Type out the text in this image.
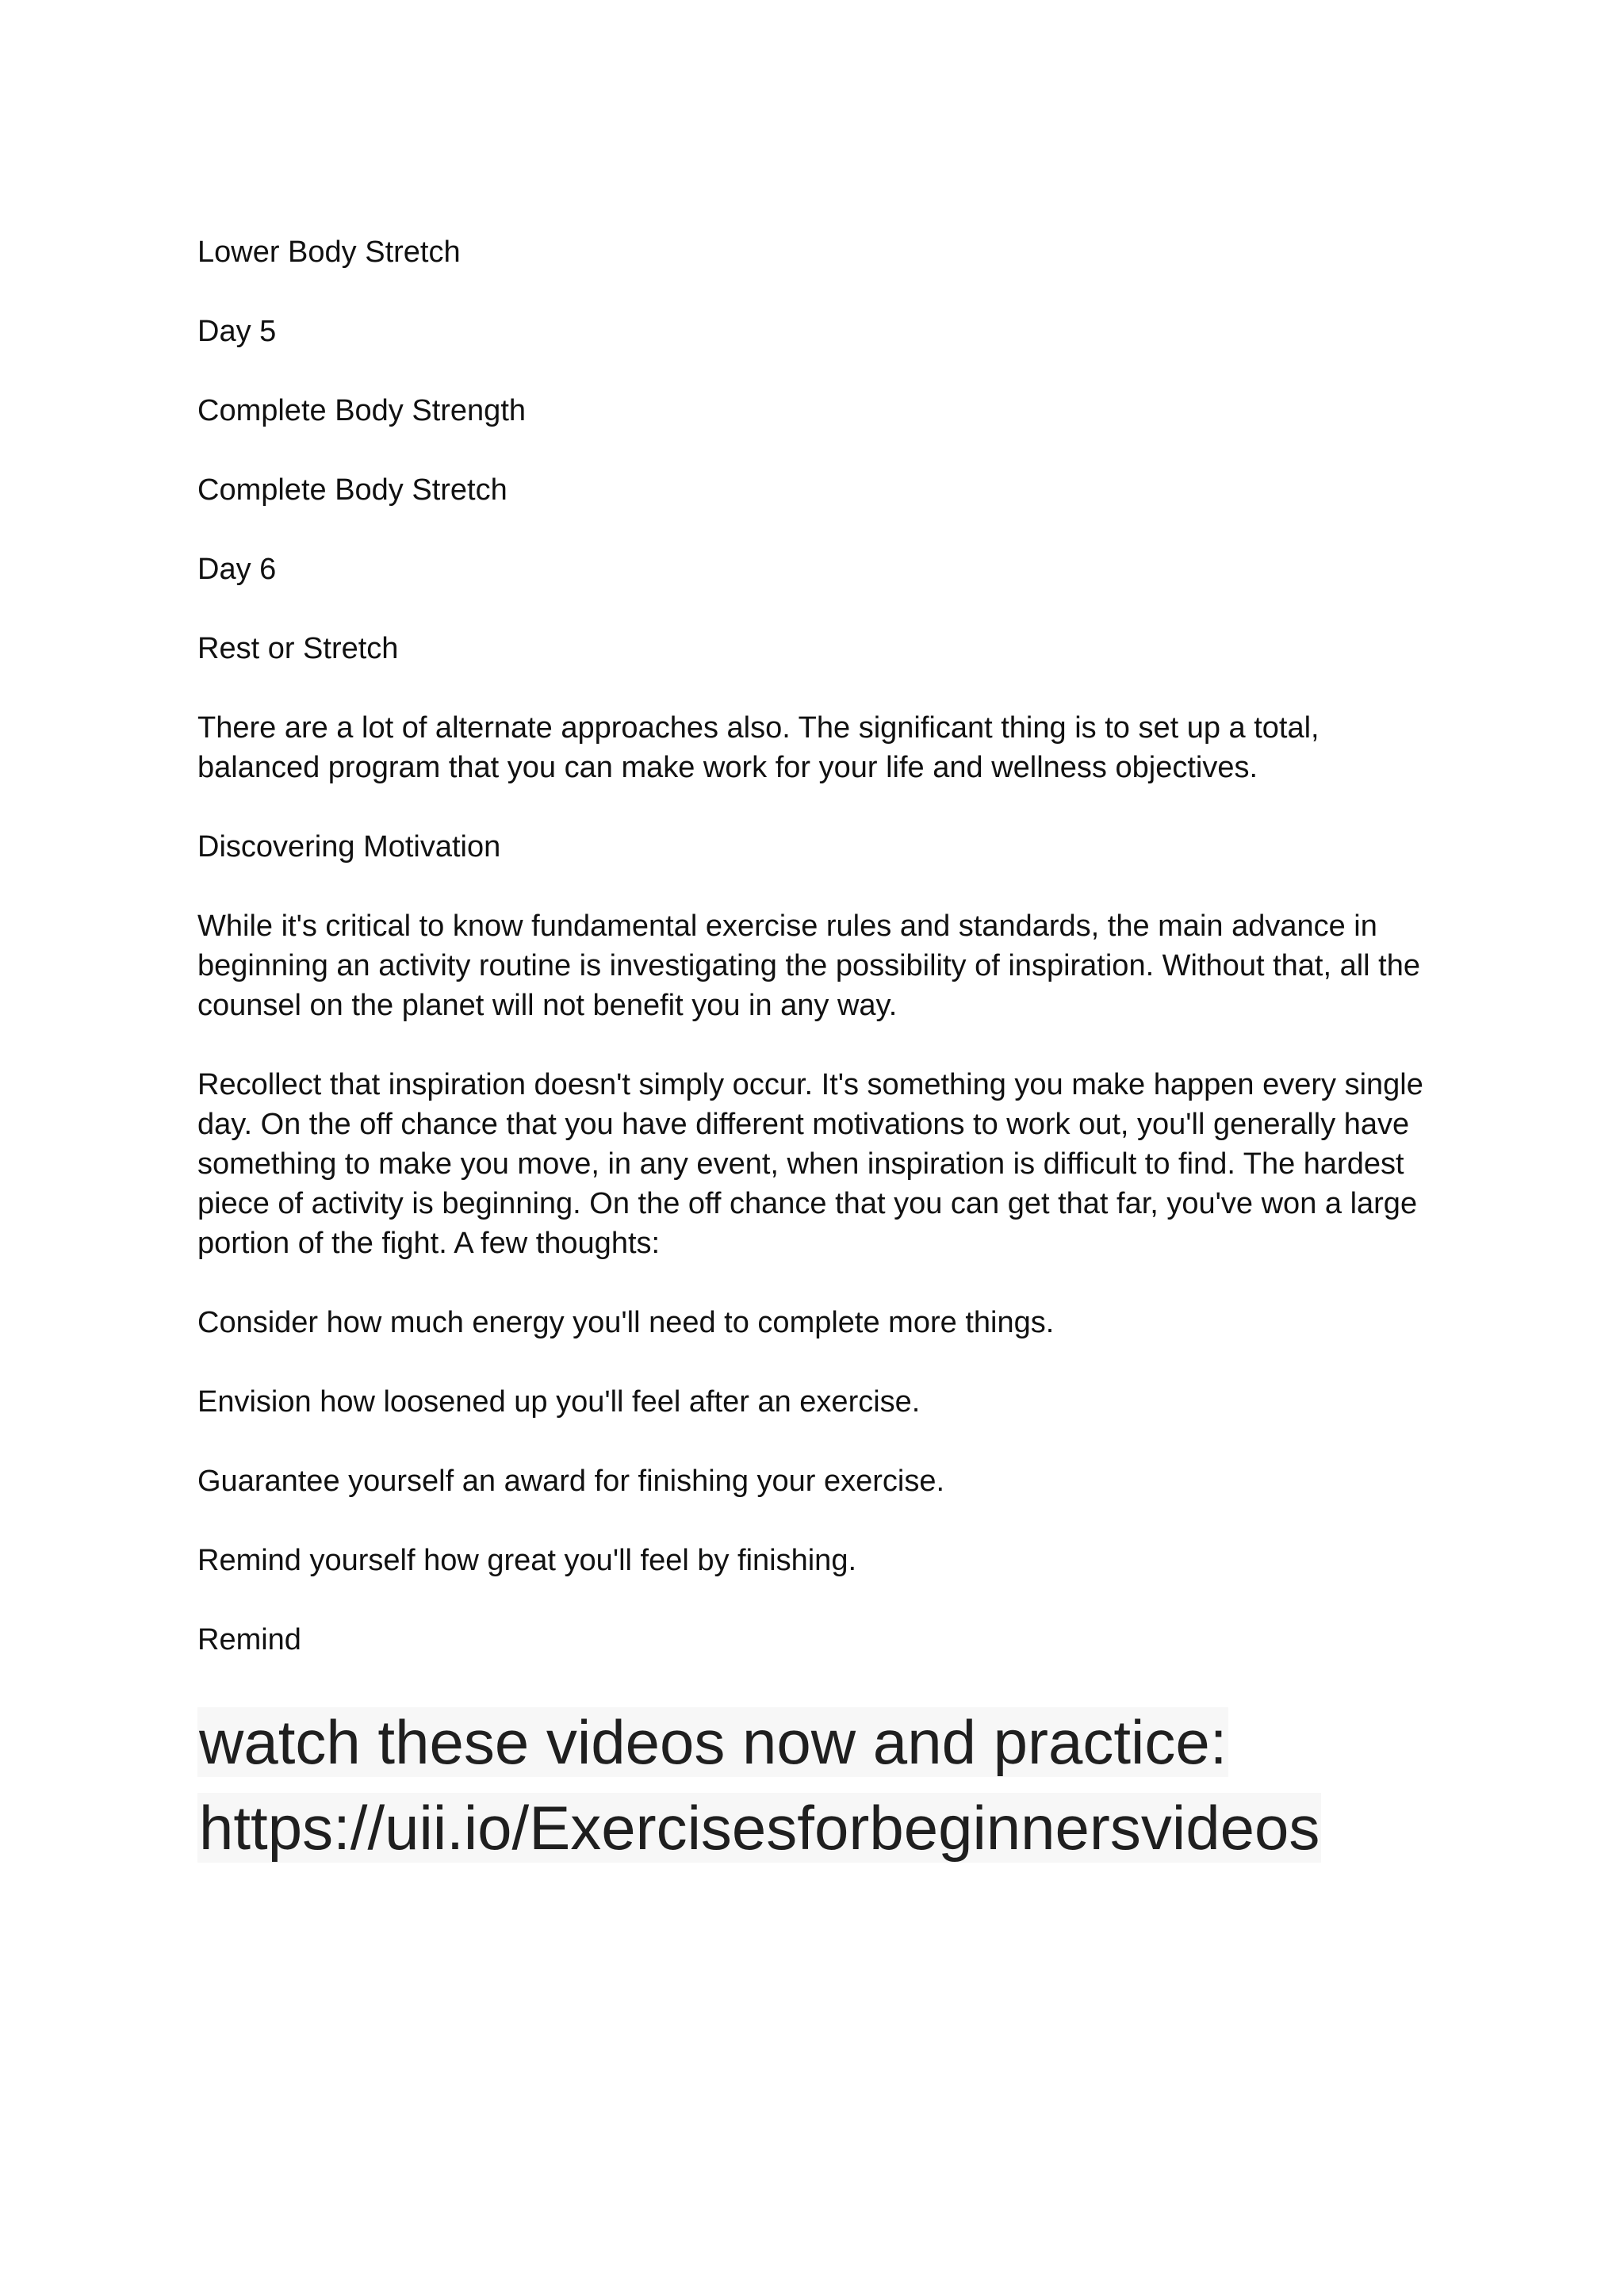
Lower Body Stretch

Day 5

Complete Body Strength

Complete Body Stretch

Day 6

Rest or Stretch

There are a lot of alternate approaches also. The significant thing is to set up a total, balanced program that you can make work for your life and wellness objectives.

Discovering Motivation

While it's critical to know fundamental exercise rules and standards, the main advance in beginning an activity routine is investigating the possibility of inspiration. Without that, all the counsel on the planet will not benefit you in any way.

Recollect that inspiration doesn't simply occur. It's something you make happen every single day. On the off chance that you have different motivations to work out, you'll generally have something to make you move, in any event, when inspiration is difficult to find. The hardest piece of activity is beginning. On the off chance that you can get that far, you've won a large portion of the fight. A few thoughts:

Consider how much energy you'll need to complete more things.

Envision how loosened up you'll feel after an exercise.

Guarantee yourself an award for finishing your exercise.

Remind yourself how great you'll feel by finishing.

Remind

watch these videos now and practice:
https://uii.io/Exercisesforbeginnersvideos
